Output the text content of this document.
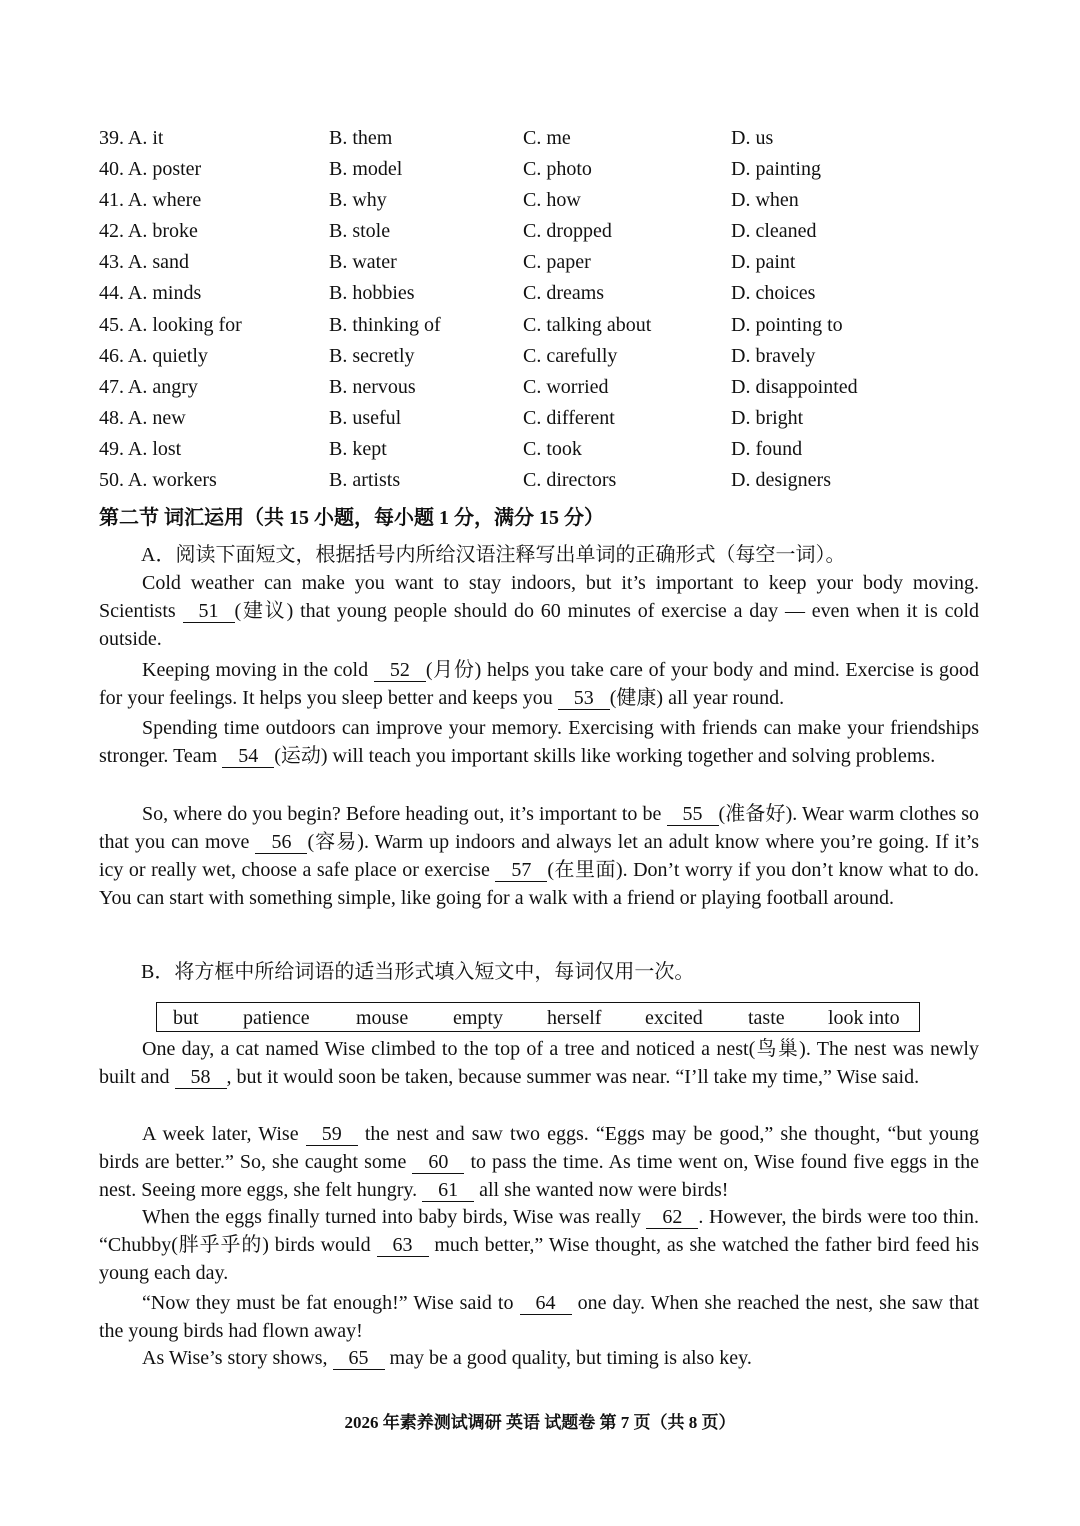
39. A. it	B. them	C. me	D. us
40. A. poster	B. model	C. photo	D. painting
41. A. where	B. why	C. how	D. when
42. A. broke	B. stole	C. dropped	D. cleaned
43. A. sand	B. water	C. paper	D. paint
44. A. minds	B. hobbies	C. dreams	D. choices
45. A. looking for	B. thinking of	C. talking about	D. pointing to
46. A. quietly	B. secretly	C. carefully	D. bravely
47. A. angry	B. nervous	C. worried	D. disappointed
48. A. new	B. useful	C. different	D. bright
49. A. lost	B. kept	C. took	D. found
50. A. workers	B. artists	C. directors	D. designers
第二节 词汇运用（共 15 小题，每小题 1 分，满分 15 分）
A．阅读下面短文，根据括号内所给汉语注释写出单词的正确形式（每空一词）。
Cold weather can make you want to stay indoors, but it’s important to keep your body moving. Scientists 51 (建议) that young people should do 60 minutes of exercise a day — even when it is cold outside.
Keeping moving in the cold 52 (月份) helps you take care of your body and mind. Exercise is good for your feelings. It helps you sleep better and keeps you 53 (健康) all year round.
Spending time outdoors can improve your memory. Exercising with friends can make your friendships stronger. Team 54 (运动) will teach you important skills like working together and solving problems.
So, where do you begin? Before heading out, it’s important to be 55 (准备好). Wear warm clothes so that you can move 56 (容易). Warm up indoors and always let an adult know where you’re going. If it’s icy or really wet, choose a safe place or exercise 57 (在里面). Don’t worry if you don’t know what to do. You can start with something simple, like going for a walk with a friend or playing football around.
B．将方框中所给词语的适当形式填入短文中，每词仅用一次。
but patience mouse empty herself excited taste look into
One day, a cat named Wise climbed to the top of a tree and noticed a nest(鸟巢). The nest was newly built and 58 , but it would soon be taken, because summer was near. “I’ll take my time,” Wise said.
A week later, Wise 59 the nest and saw two eggs. “Eggs may be good,” she thought, “but young birds are better.” So, she caught some 60 to pass the time. As time went on, Wise found five eggs in the nest. Seeing more eggs, she felt hungry. 61 all she wanted now were birds!
When the eggs finally turned into baby birds, Wise was really 62 . However, the birds were too thin. “Chubby(胖乎乎的) birds would 63 much better,” Wise thought, as she watched the father bird feed his young each day.
“Now they must be fat enough!” Wise said to 64 one day. When she reached the nest, she saw that the young birds had flown away!
As Wise’s story shows, 65 may be a good quality, but timing is also key.
2026 年素养测试调研 英语 试题卷 第 7 页（共 8 页）
